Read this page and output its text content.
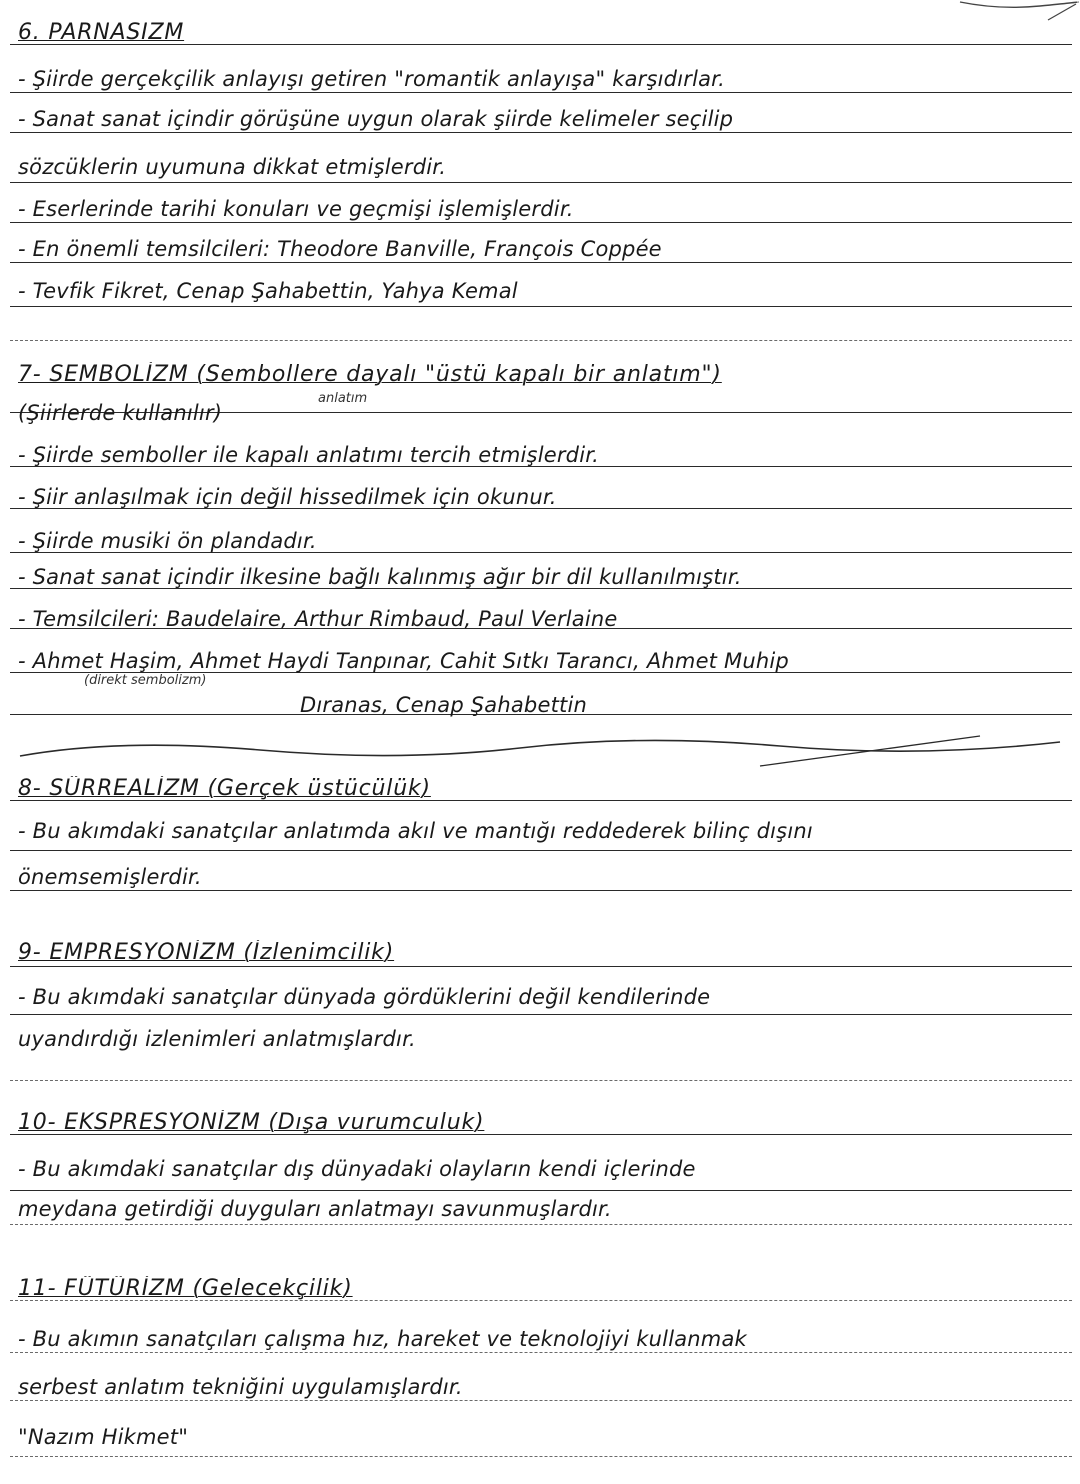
6. PARNASIZM
- Şiirde gerçekçilik anlayışı getiren "romantik anlayışa" karşıdırlar.
- Sanat sanat içindir görüşüne uygun olarak şiirde kelimeler seçilip
sözcüklerin uyumuna dikkat etmişlerdir.
- Eserlerinde tarihi konuları ve geçmişi işlemişlerdir.
- En önemli temsilcileri: Theodore Banville, François Coppée
- Tevfik Fikret, Cenap Şahabettin, Yahya Kemal
7- SEMBOLİZM (Sembollere dayalı "üstü kapalı bir anlatım")
anlatım
(Şiirlerde kullanılır)
- Şiirde semboller ile kapalı anlatımı tercih etmişlerdir.
- Şiir anlaşılmak için değil hissedilmek için okunur.
- Şiirde musiki ön plandadır.
- Sanat sanat içindir ilkesine bağlı kalınmış ağır bir dil kullanılmıştır.
- Temsilcileri: Baudelaire, Arthur Rimbaud, Paul Verlaine
- Ahmet Haşim, Ahmet Haydi Tanpınar, Cahit Sıtkı Tarancı, Ahmet Muhip
(direkt sembolizm)
Dıranas, Cenap Şahabettin
8- SÜRREALİZM (Gerçek üstücülük)
- Bu akımdaki sanatçılar anlatımda akıl ve mantığı reddederek bilinç dışını
önemsemişlerdir.
9- EMPRESYONİZM (İzlenimcilik)
- Bu akımdaki sanatçılar dünyada gördüklerini değil kendilerinde
uyandırdığı izlenimleri anlatmışlardır.
10- EKSPRESYONİZM (Dışa vurumculuk)
- Bu akımdaki sanatçılar dış dünyadaki olayların kendi içlerinde
meydana getirdiği duyguları anlatmayı savunmuşlardır.
11- FÜTÜRİZM (Gelecekçilik)
- Bu akımın sanatçıları çalışma hız, hareket ve teknolojiyi kullanmak
serbest anlatım tekniğini uygulamışlardır.
"Nazım Hikmet"
